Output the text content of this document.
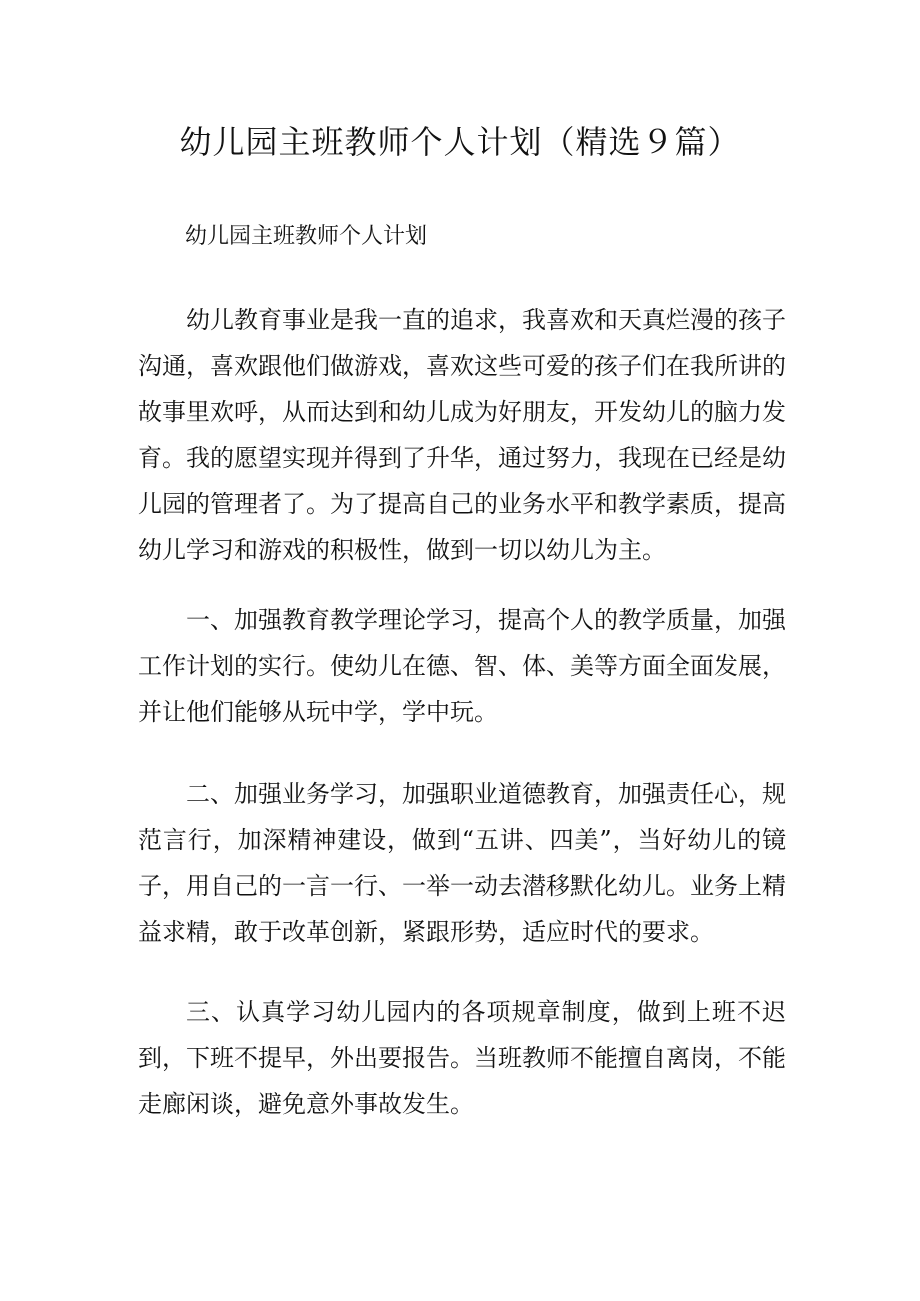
幼儿园主班教师个人计划（精选９篇）
幼儿园主班教师个人计划

幼儿教育事业是我一直的追求，我喜欢和天真烂漫的孩子沟通，喜欢跟他们做游戏，喜欢这些可爱的孩子们在我所讲的故事里欢呼，从而达到和幼儿成为好朋友，开发幼儿的脑力发育。我的愿望实现并得到了升华，通过努力，我现在已经是幼儿园的管理者了。为了提高自己的业务水平和教学素质，提高幼儿学习和游戏的积极性，做到一切以幼儿为主。

一、加强教育教学理论学习，提高个人的教学质量，加强工作计划的实行。使幼儿在德、智、体、美等方面全面发展，并让他们能够从玩中学，学中玩。

二、加强业务学习，加强职业道德教育，加强责任心，规范言行，加深精神建设，做到“五讲、四美”，当好幼儿的镜子，用自己的一言一行、一举一动去潜移默化幼儿。业务上精益求精，敢于改革创新，紧跟形势，适应时代的要求。

三、认真学习幼儿园内的各项规章制度，做到上班不迟到，下班不提早，外出要报告。当班教师不能擅自离岗，不能走廊闲谈，避免意外事故发生。
